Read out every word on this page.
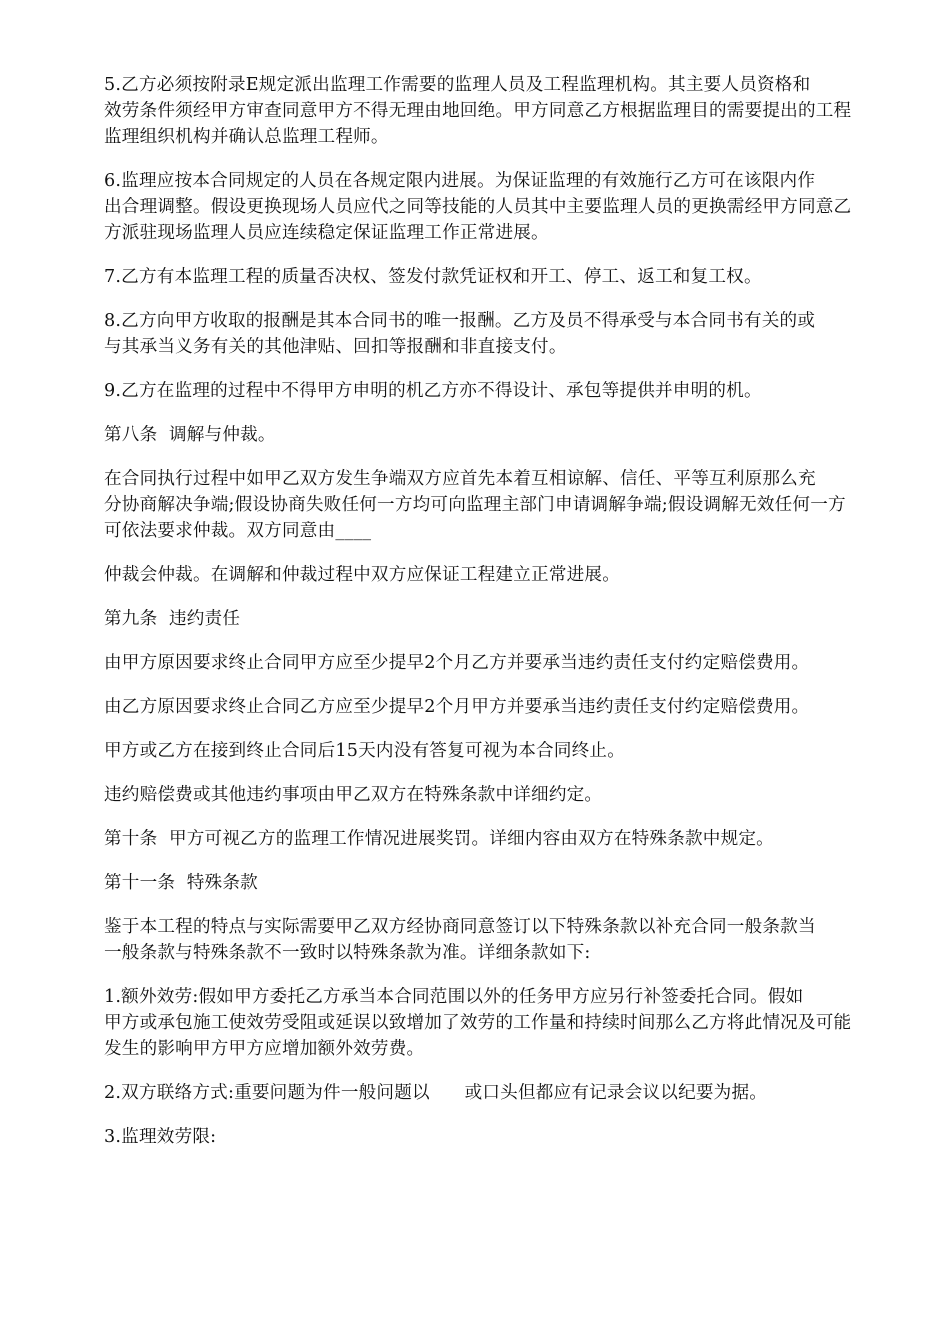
5.乙方必须按附录E规定派出监理工作需要的监理人员及工程监理机构。其主要人员资格和
效劳条件须经甲方审查同意甲方不得无理由地回绝。甲方同意乙方根据监理目的需要提出的工程
监理组织机构并确认总监理工程师。
6.监理应按本合同规定的人员在各规定限内进展。为保证监理的有效施行乙方可在该限内作
出合理调整。假设更换现场人员应代之同等技能的人员其中主要监理人员的更换需经甲方同意乙
方派驻现场监理人员应连续稳定保证监理工作正常进展。
7.乙方有本监理工程的质量否决权、签发付款凭证权和开工、停工、返工和复工权。
8.乙方向甲方收取的报酬是其本合同书的唯一报酬。乙方及员不得承受与本合同书有关的或
与其承当义务有关的其他津贴、回扣等报酬和非直接支付。
9.乙方在监理的过程中不得甲方申明的机乙方亦不得设计、承包等提供并申明的机。
第八条  调解与仲裁。
在合同执行过程中如甲乙双方发生争端双方应首先本着互相谅解、信任、平等互利原那么充
分协商解决争端;假设协商失败任何一方均可向监理主部门申请调解争端;假设调解无效任何一方
可依法要求仲裁。双方同意由____
仲裁会仲裁。在调解和仲裁过程中双方应保证工程建立正常进展。
第九条  违约责任
由甲方原因要求终止合同甲方应至少提早2个月乙方并要承当违约责任支付约定赔偿费用。
由乙方原因要求终止合同乙方应至少提早2个月甲方并要承当违约责任支付约定赔偿费用。
甲方或乙方在接到终止合同后15天内没有答复可视为本合同终止。
违约赔偿费或其他违约事项由甲乙双方在特殊条款中详细约定。
第十条  甲方可视乙方的监理工作情况进展奖罚。详细内容由双方在特殊条款中规定。
第十一条  特殊条款
鉴于本工程的特点与实际需要甲乙双方经协商同意签订以下特殊条款以补充合同一般条款当
一般条款与特殊条款不一致时以特殊条款为准。详细条款如下:
1.额外效劳:假如甲方委托乙方承当本合同范围以外的任务甲方应另行补签委托合同。假如
甲方或承包施工使效劳受阻或延误以致增加了效劳的工作量和持续时间那么乙方将此情况及可能
发生的影响甲方甲方应增加额外效劳费。
2.双方联络方式:重要问题为件一般问题以      或口头但都应有记录会议以纪要为据。
3.监理效劳限:
